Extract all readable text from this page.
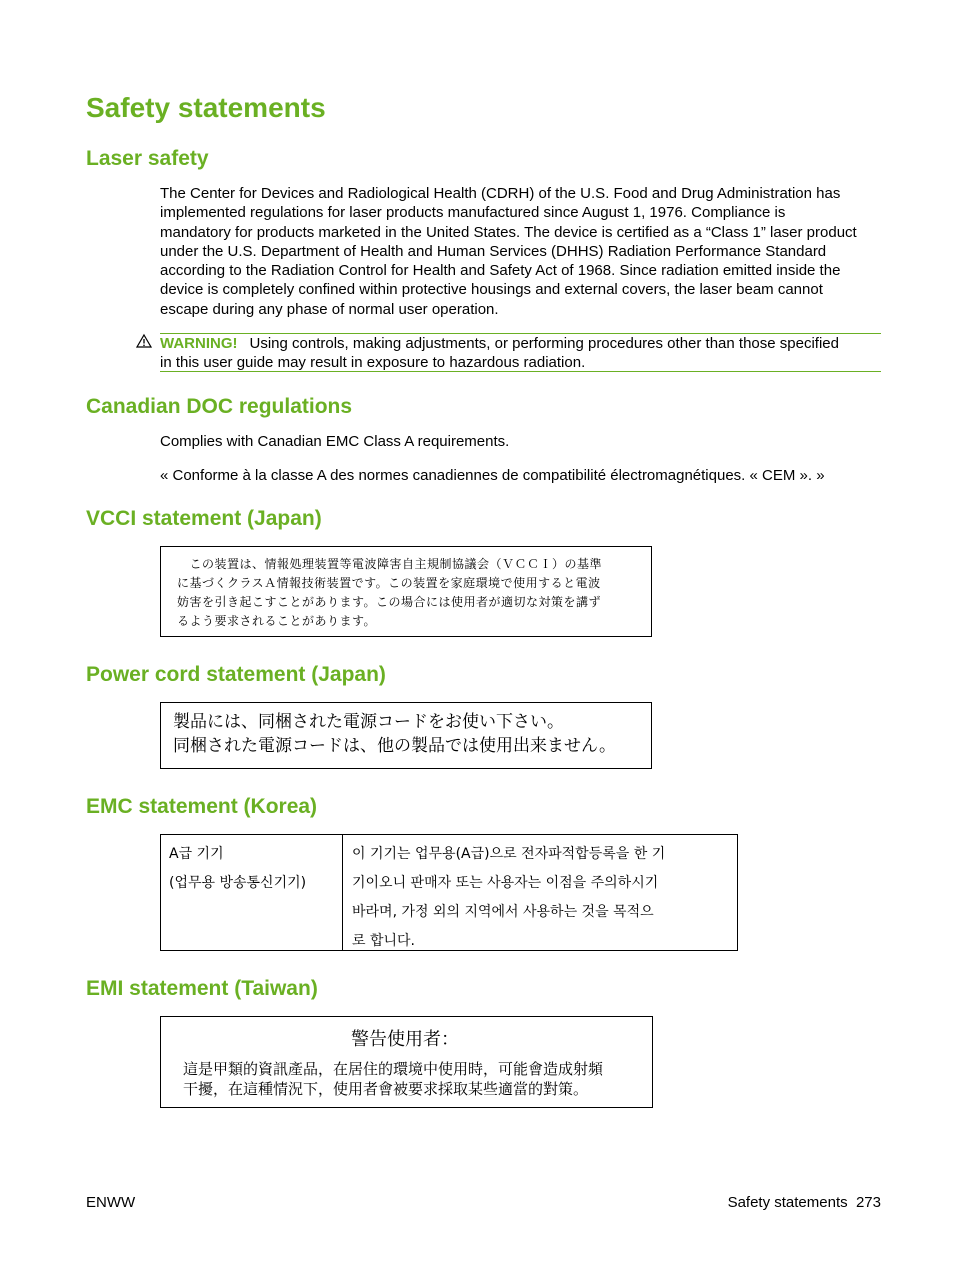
Safety statements
Laser safety
The Center for Devices and Radiological Health (CDRH) of the U.S. Food and Drug Administration has
implemented regulations for laser products manufactured since August 1, 1976. Compliance is
mandatory for products marketed in the United States. The device is certified as a “Class 1” laser product
under the U.S. Department of Health and Human Services (DHHS) Radiation Performance Standard
according to the Radiation Control for Health and Safety Act of 1968. Since radiation emitted inside the
device is completely confined within protective housings and external covers, the laser beam cannot
escape during any phase of normal user operation.
WARNING! Using controls, making adjustments, or performing procedures other than those specified
in this user guide may result in exposure to hazardous radiation.
Canadian DOC regulations
Complies with Canadian EMC Class A requirements.
« Conforme à la classe A des normes canadiennes de compatibilité électromagnétiques. « CEM ». »
VCCI statement (Japan)
　この装置は、情報処理装置等電波障害自主規制協議会（ＶＣＣＩ）の基準
に基づくクラスＡ情報技術装置です。この装置を家庭環境で使用すると電波
妨害を引き起こすことがあります。この場合には使用者が適切な対策を講ず
るよう要求されることがあります。
Power cord statement (Japan)
製品には、同梱された電源コードをお使い下さい。
同梱された電源コードは、他の製品では使用出来ません。
EMC statement (Korea)
A급 기기
(업무용 방송통신기기)
이 기기는 업무용(A급)으로 전자파적합등록을 한 기
기이오니 판매자 또는 사용자는 이점을 주의하시기
바라며, 가정 외의 지역에서 사용하는 것을 목적으
로 합니다.
EMI statement (Taiwan)
警告使用者：
這是甲類的資訊產品，在居住的環境中使用時，可能會造成射頻
干擾，在這種情況下，使用者會被要求採取某些適當的對策。
ENWW	Safety statements 273
